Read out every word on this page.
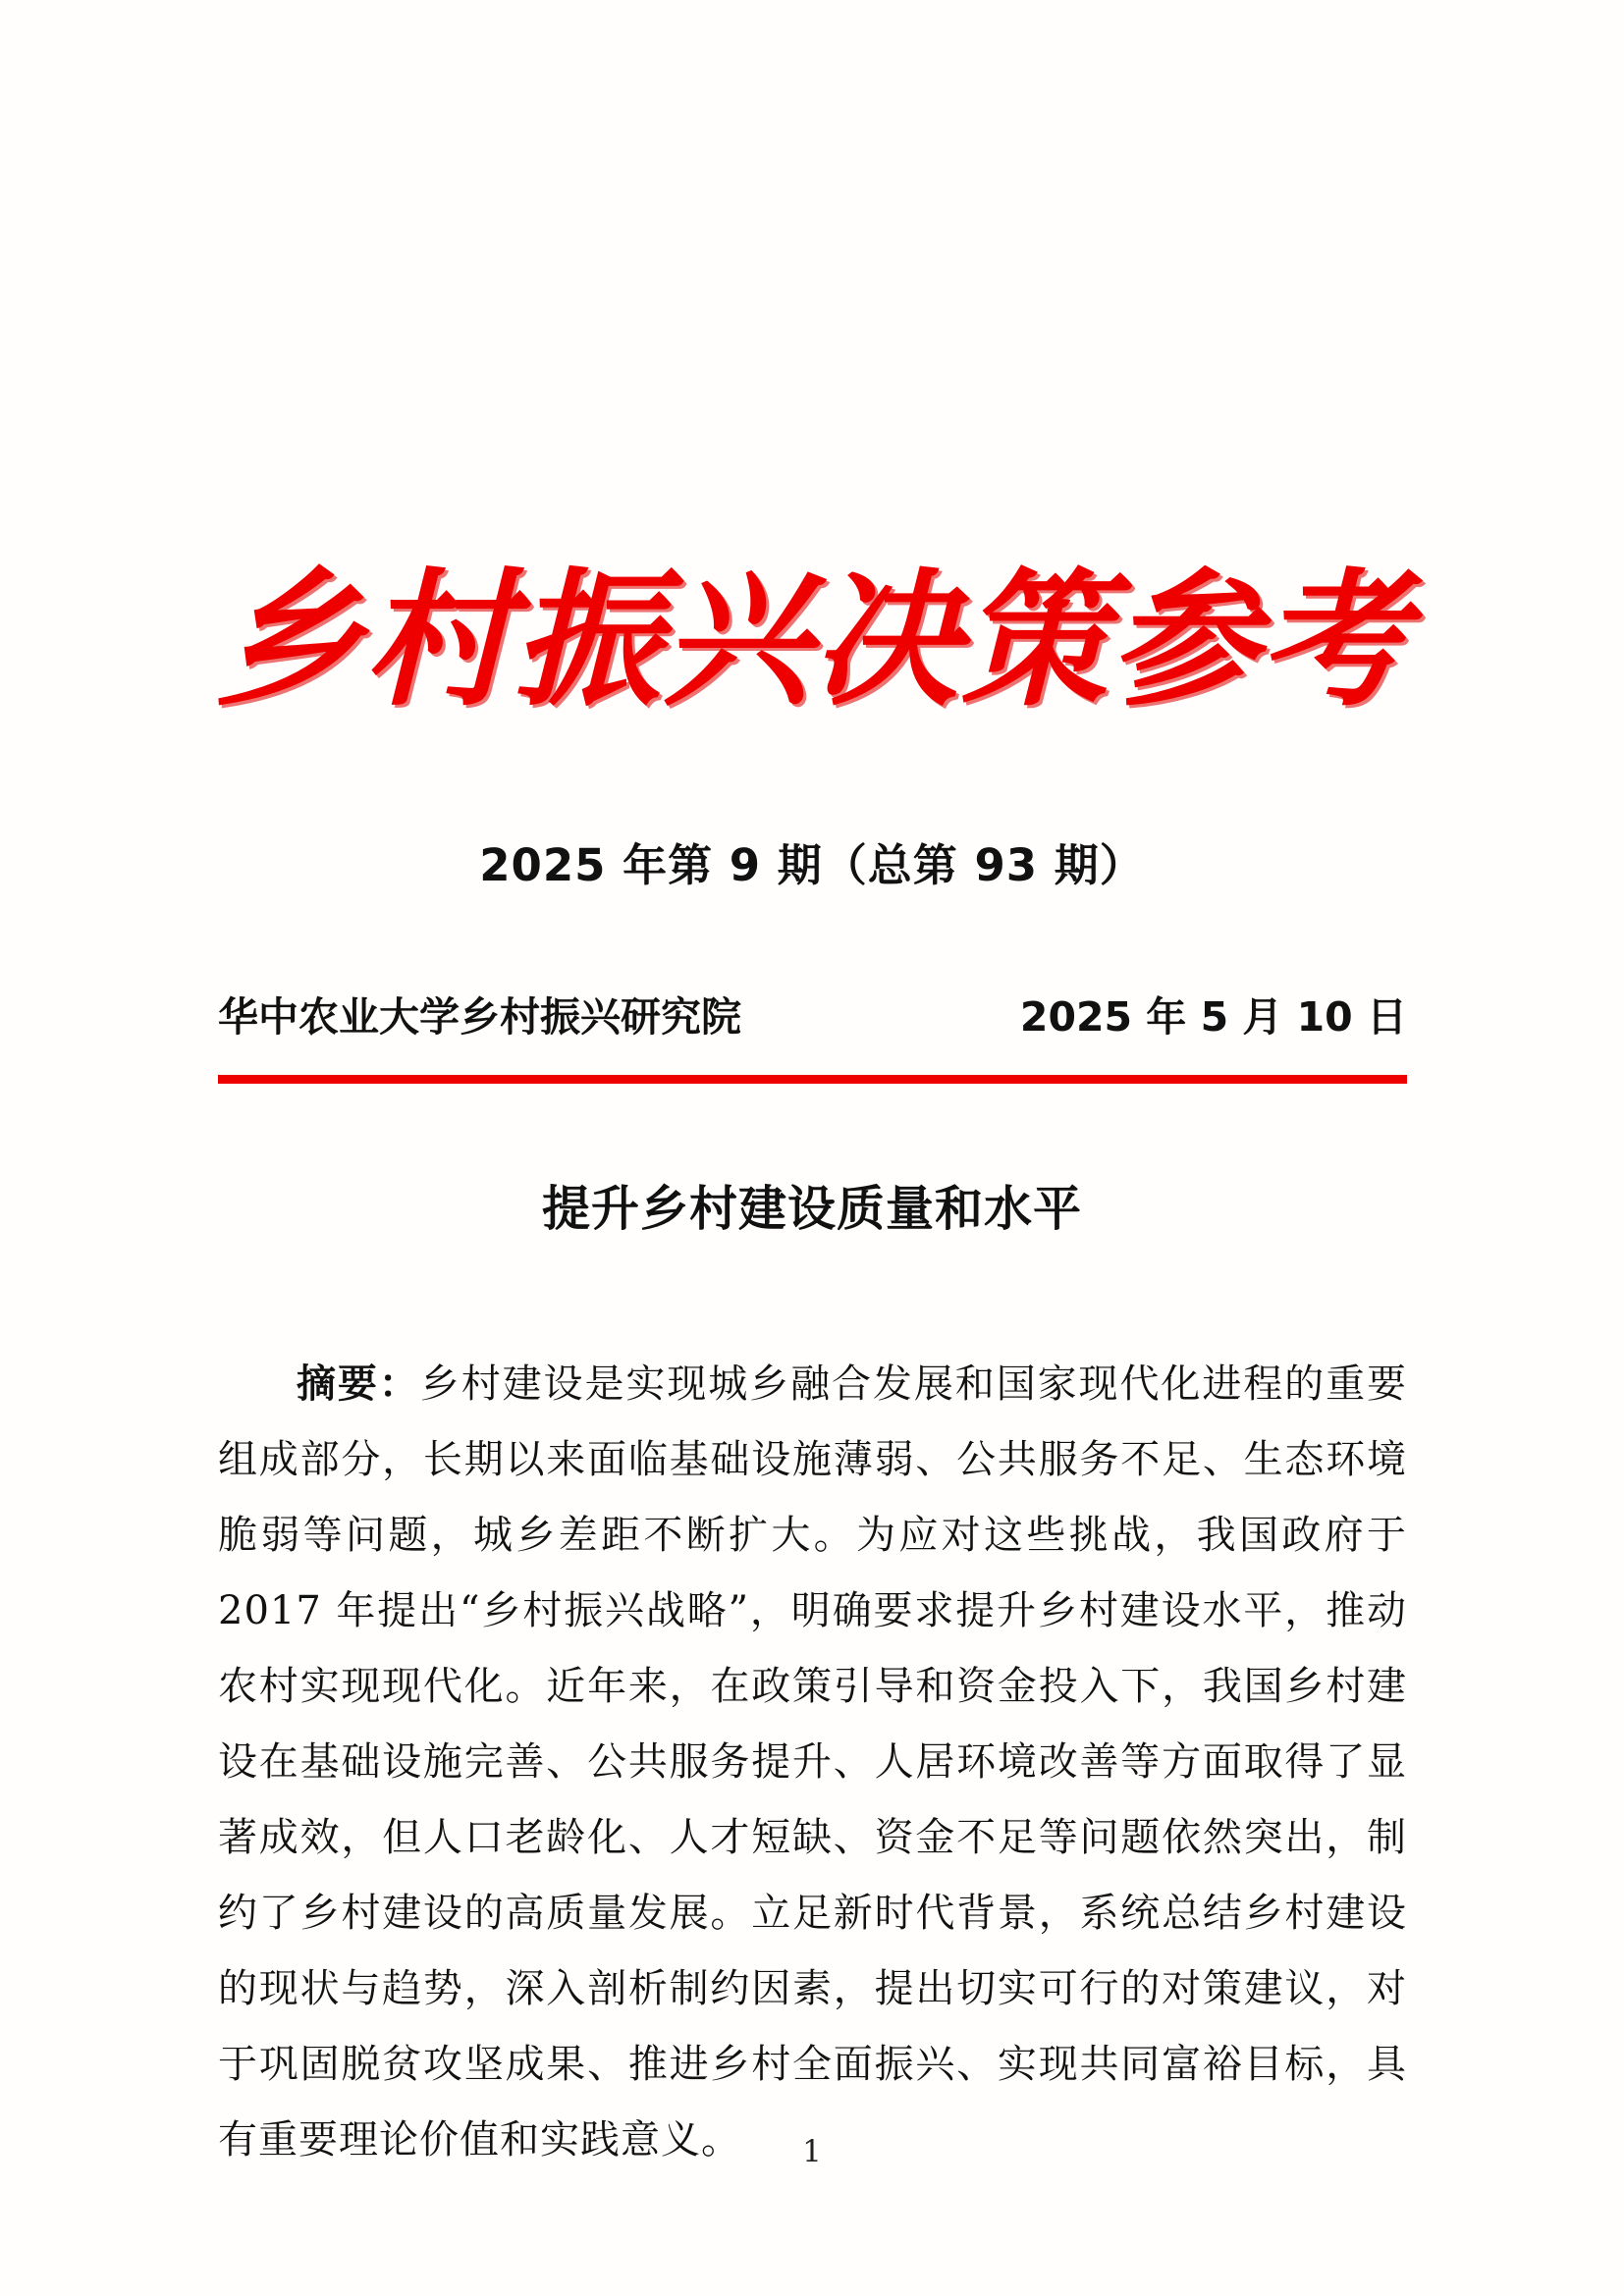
乡村振兴决策参考
2025 年第 9 期（总第 93 期）
华中农业大学乡村振兴研究院	2025 年 5 月 10 日
提升乡村建设质量和水平

摘要：乡村建设是实现城乡融合发展和国家现代化进程的重要组成部分，长期以来面临基础设施薄弱、公共服务不足、生态环境脆弱等问题，城乡差距不断扩大。为应对这些挑战，我国政府于 2017 年提出“乡村振兴战略”，明确要求提升乡村建设水平，推动农村实现现代化。近年来，在政策引导和资金投入下，我国乡村建设在基础设施完善、公共服务提升、人居环境改善等方面取得了显著成效，但人口老龄化、人才短缺、资金不足等问题依然突出，制约了乡村建设的高质量发展。立足新时代背景，系统总结乡村建设的现状与趋势，深入剖析制约因素，提出切实可行的对策建议，对于巩固脱贫攻坚成果、推进乡村全面振兴、实现共同富裕目标，具有重要理论价值和实践意义。	1
